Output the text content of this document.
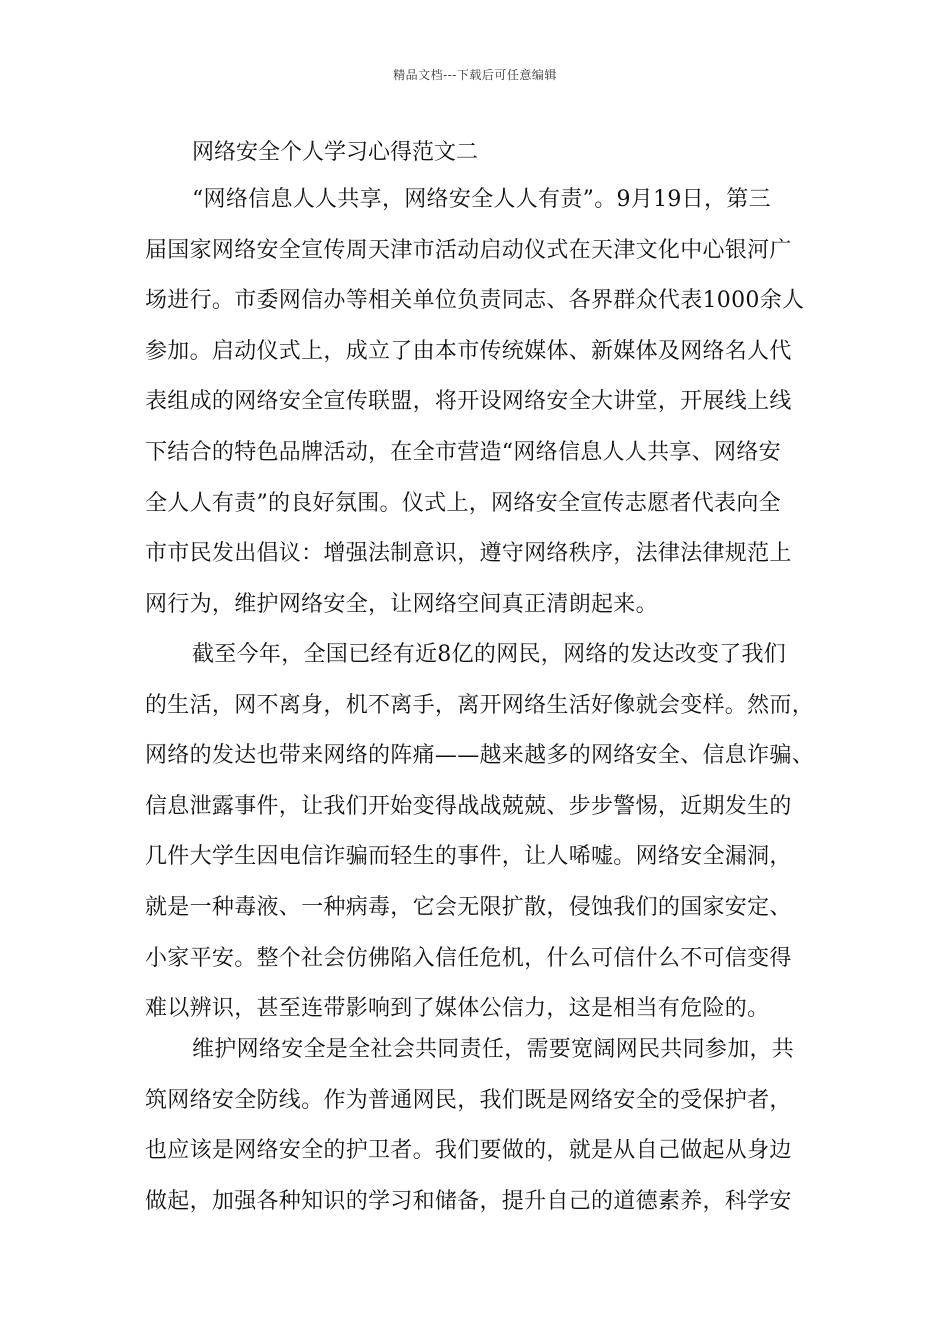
精品文档---下载后可任意编辑
网络安全个人学习心得范文二
“网络信息人人共享，网络安全人人有责”。9月19日，第三
届国家网络安全宣传周天津市活动启动仪式在天津文化中心银河广
场进行。市委网信办等相关单位负责同志、各界群众代表1000余人
参加。启动仪式上，成立了由本市传统媒体、新媒体及网络名人代
表组成的网络安全宣传联盟，将开设网络安全大讲堂，开展线上线
下结合的特色品牌活动，在全市营造“网络信息人人共享、网络安
全人人有责”的良好氛围。仪式上，网络安全宣传志愿者代表向全
市市民发出倡议：增强法制意识，遵守网络秩序，法律法律规范上
网行为，维护网络安全，让网络空间真正清朗起来。
截至今年，全国已经有近8亿的网民，网络的发达改变了我们
的生活，网不离身，机不离手，离开网络生活好像就会变样。然而，
网络的发达也带来网络的阵痛——越来越多的网络安全、信息诈骗、
信息泄露事件，让我们开始变得战战兢兢、步步警惕，近期发生的
几件大学生因电信诈骗而轻生的事件，让人唏嘘。网络安全漏洞，
就是一种毒液、一种病毒，它会无限扩散，侵蚀我们的国家安定、
小家平安。整个社会仿佛陷入信任危机，什么可信什么不可信变得
难以辨识，甚至连带影响到了媒体公信力，这是相当有危险的。
维护网络安全是全社会共同责任，需要宽阔网民共同参加，共
筑网络安全防线。作为普通网民，我们既是网络安全的受保护者，
也应该是网络安全的护卫者。我们要做的，就是从自己做起从身边
做起，加强各种知识的学习和储备，提升自己的道德素养，科学安
